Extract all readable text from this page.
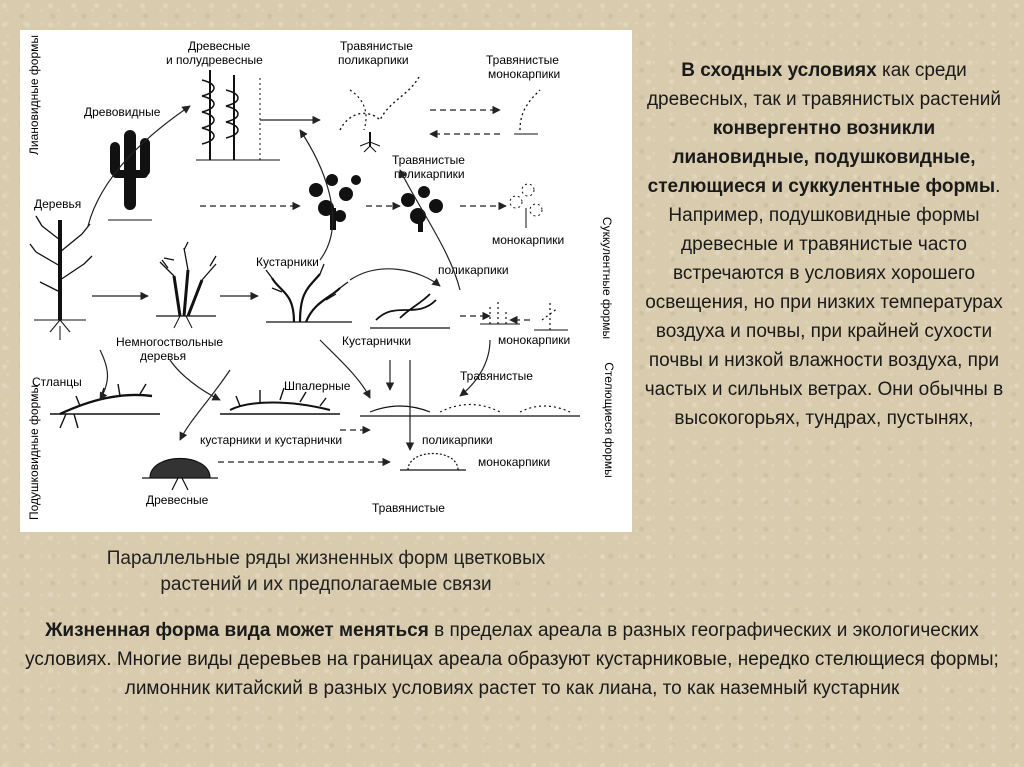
Лиановидные формы
Суккулентные формы
Стелющиеся формы
Подушковидные формы
Древесные
и полудревесные
Травянистые
поликарпики	Травянистые
монокарпики
Древовидные
Травянистые
поликарпики
Деревья
монокарпики
Кустарники
поликарпики
Немногоствольные
деревья
Кустарнички	монокарпики
Стланцы	Шпалерные
Травянистые
кустарники и кустарнички	поликарпики
монокарпики
Древесные
Травянистые
Параллельные ряды жизненных форм цветковых
растений и их предполагаемые связи
В сходных условиях как среди древесных, так и травянистых растений конвергентно возникли лиановидные, подушковидные, стелющиеся и суккулентные формы. Например, подушковидные формы древесные и травянистые часто встречаются в условиях хорошего освещения, но при низких температурах воздуха и почвы, при крайней сухости почвы и низкой влажности воздуха, при частых и сильных ветрах. Они обычны в высокогорьях, тундрах, пустынях,
Жизненная форма вида может меняться в пределах ареала в разных географических и экологических условиях. Многие виды деревьев на границах ареала образуют кустарниковые, нередко стелющиеся формы; лимонник китайский в разных условиях растет то как лиана, то как наземный кустарник
